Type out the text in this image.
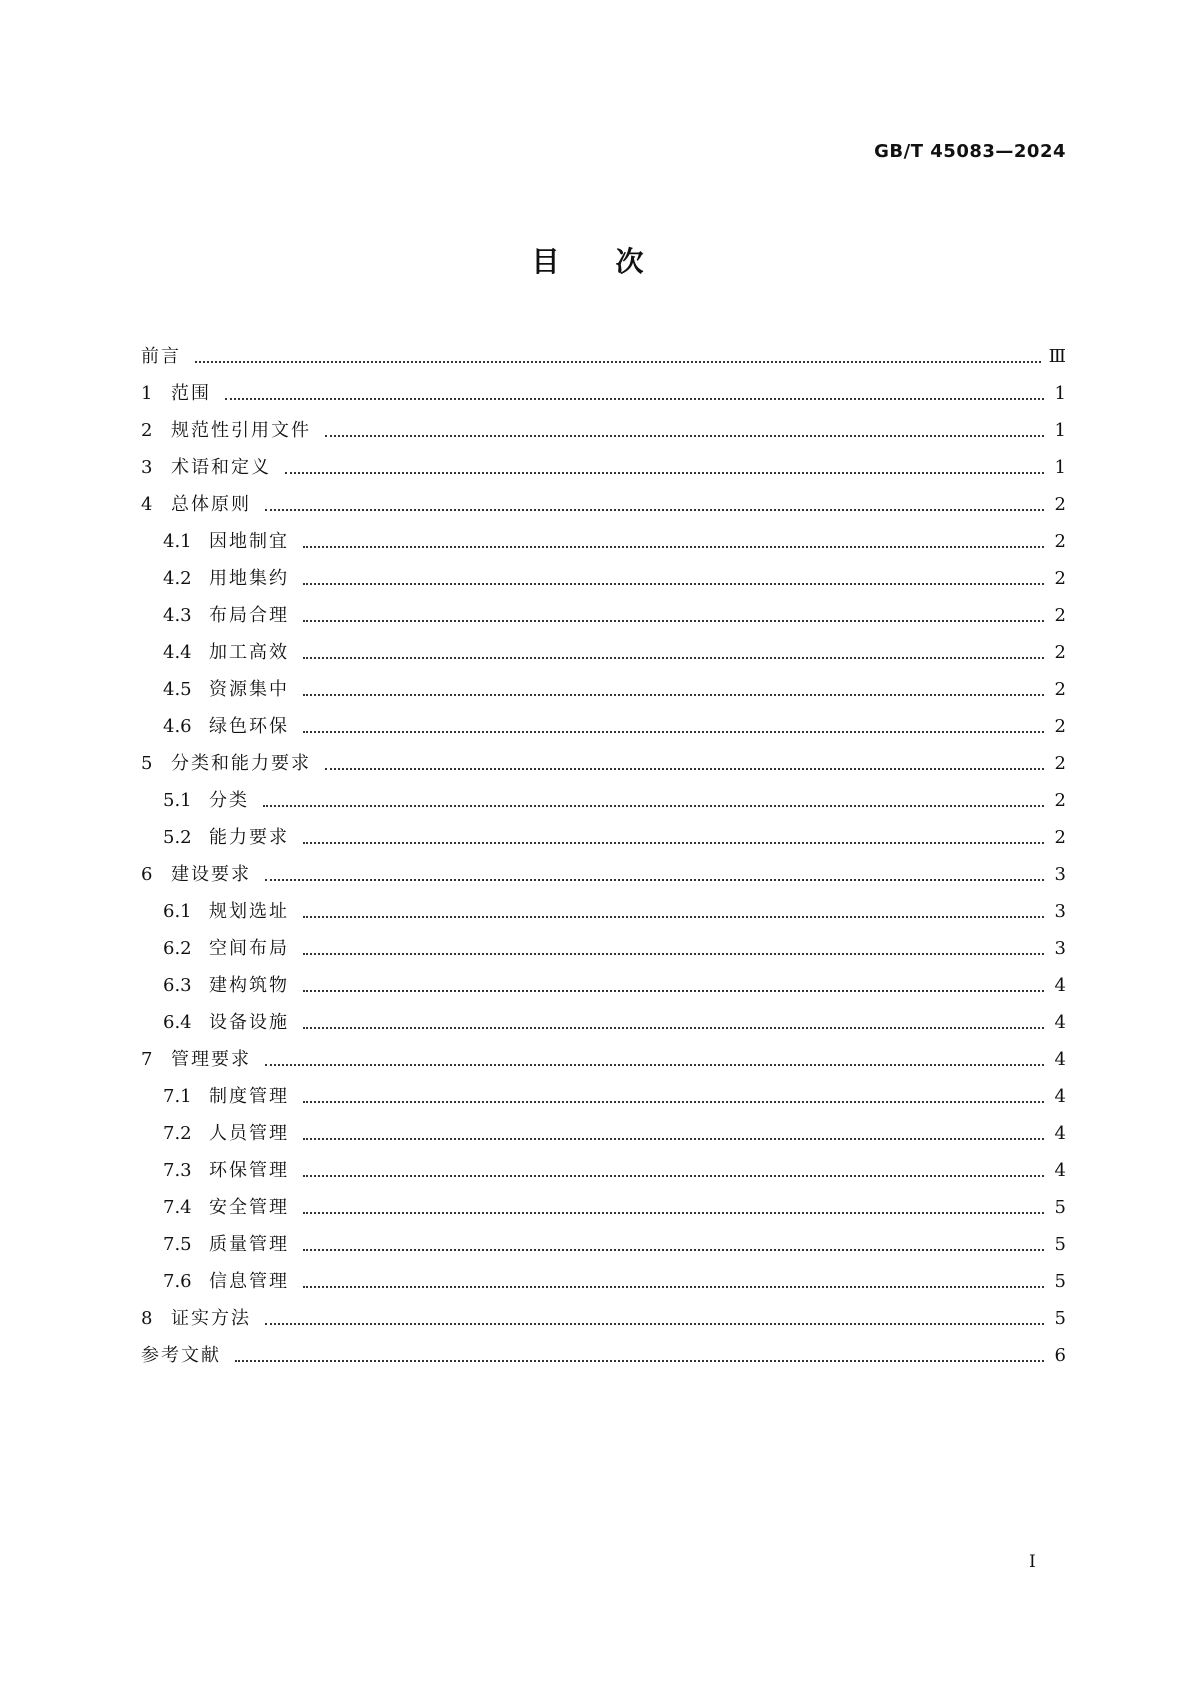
GB/T 45083—2024
目次
前言	Ⅲ
1	范围	1
2	规范性引用文件	1
3	术语和定义	1
4	总体原则	2
4.1 因地制宜	2
4.2 用地集约	2
4.3 布局合理	2
4.4 加工高效	2
4.5 资源集中	2
4.6 绿色环保	2
5	分类和能力要求	2
5.1 分类	2
5.2 能力要求	2
6	建设要求	3
6.1 规划选址	3
6.2 空间布局	3
6.3 建构筑物	4
6.4 设备设施	4
7	管理要求	4
7.1 制度管理	4
7.2 人员管理	4
7.3 环保管理	4
7.4 安全管理	5
7.5 质量管理	5
7.6 信息管理	5
8	证实方法	5
参考文献	6
I
